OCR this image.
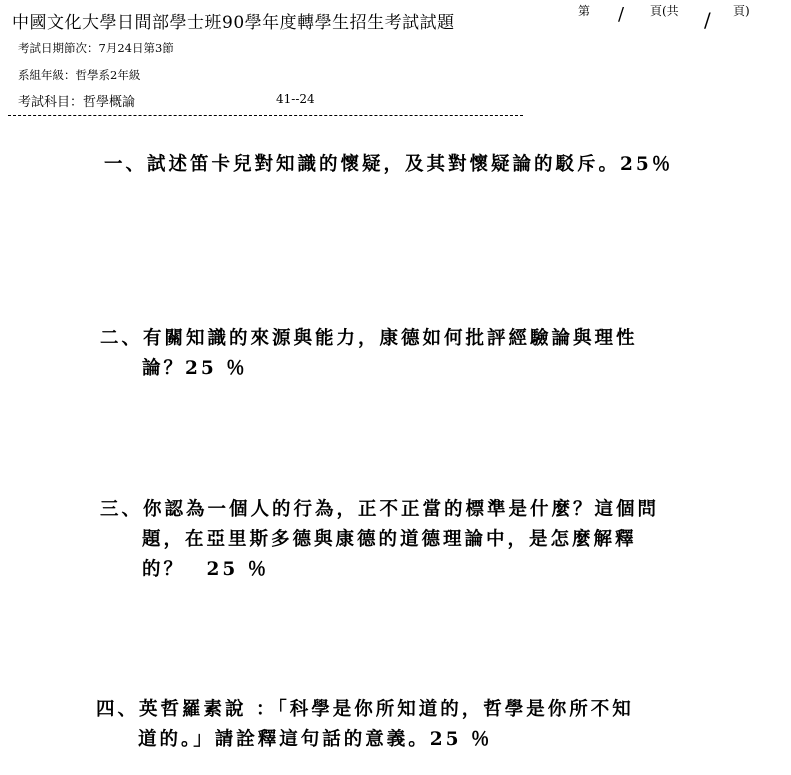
中國文化大學日間部學士班90學年度轉學生招生考試試題
第 / 頁(共 / 頁)
考試日期節次：7月24日第3節
系組年級：哲學系2年級
考試科目：哲學概論	41--24
一、試述笛卡兒對知識的懷疑，及其對懷疑論的駁斥。25％
二、有關知識的來源與能力，康德如何批評經驗論與理性
論？25 ％
三、你認為一個人的行為，正不正當的標準是什麼？這個問
題，在亞里斯多德與康德的道德理論中，是怎麼解釋
的？　25 ％
四、英哲羅素說 ：「科學是你所知道的，哲學是你所不知
道的。」請詮釋這句話的意義。25 ％
